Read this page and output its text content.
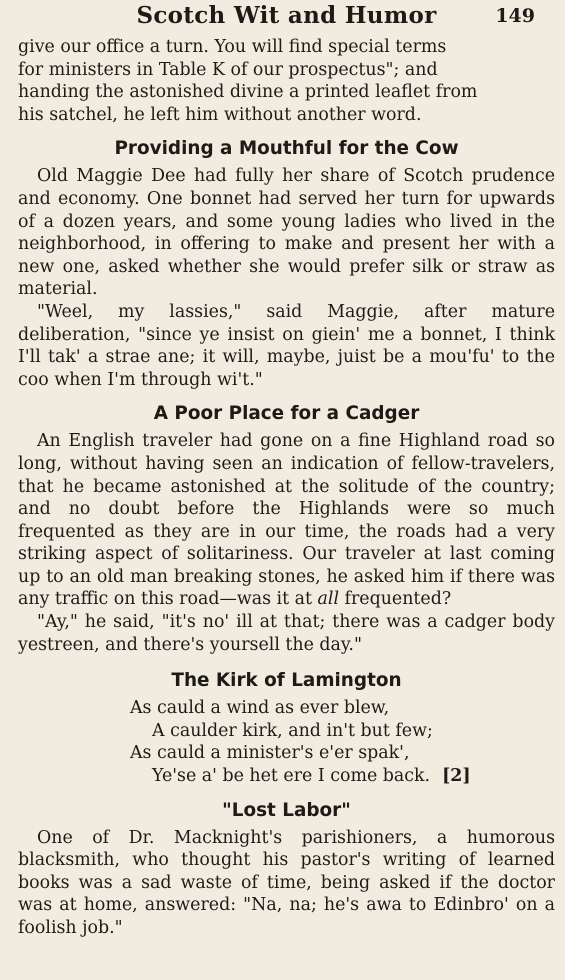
Scotch Wit and Humor	149

give our office a turn. You will find special terms

for ministers in Table K of our prospectus"; and

handing the astonished divine a printed leaflet from

his satchel, he left him without another word.

Providing a Mouthful for the Cow

Old Maggie Dee had fully her share of Scotch prudence and economy. One bonnet had served her turn for upwards of a dozen years, and some young ladies who lived in the neighborhood, in offering to make and present her with a new one, asked whether she would prefer silk or straw as material.

"Weel, my lassies," said Maggie, after mature deliberation, "since ye insist on giein' me a bonnet, I think I'll tak' a strae ane; it will, maybe, juist be a mou'fu' to the coo when I'm through wi't."

A Poor Place for a Cadger

An English traveler had gone on a fine Highland road so long, without having seen an indication of fellow-travelers, that he became astonished at the solitude of the country; and no doubt before the Highlands were so much frequented as they are in our time, the roads had a very striking aspect of solitariness. Our traveler at last coming up to an old man breaking stones, he asked him if there was any traffic on this road—was it at all frequented?

"Ay," he said, "it's no' ill at that; there was a cadger body yestreen, and there's yoursell the day."

The Kirk of Lamington
As cauld a wind as ever blew,
A caulder kirk, and in't but few;
As cauld a minister's e'er spak',
Ye'se a' be het ere I come back. [2]
"Lost Labor"

One of Dr. Macknight's parishioners, a humorous blacksmith, who thought his pastor's writing of learned books was a sad waste of time, being asked if the doctor was at home, answered: "Na, na; he's awa to Edinbro' on a foolish job."
